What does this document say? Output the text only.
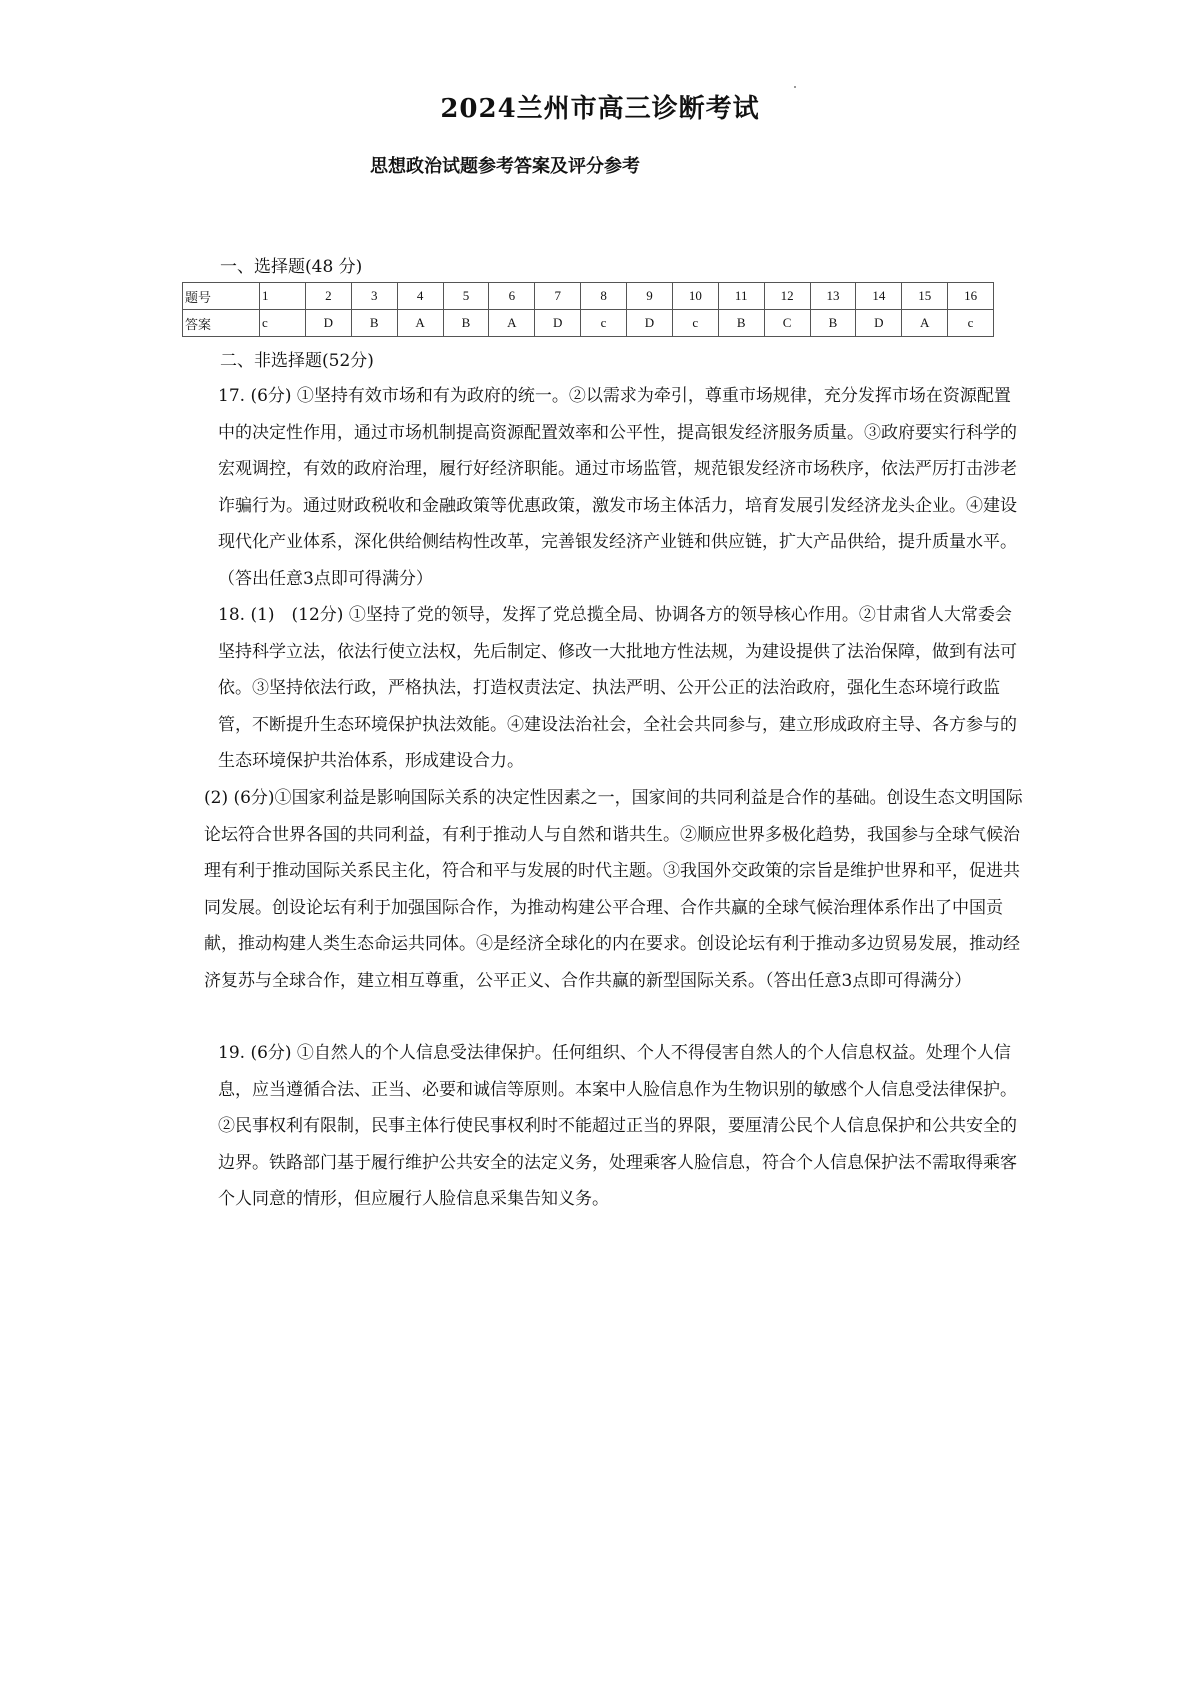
2024兰州市高三诊断考试
思想政治试题参考答案及评分参考
一、选择题(48 分)
题号	1	2	3	4	5	6	7	8	9	10	11	12	13	14	15	16
答案	c	D	B	A	B	A	D	c	D	c	B	C	B	D	A	c
二、非选择题(52分)

17. (6分) ①坚持有效市场和有为政府的统一。②以需求为牵引，尊重市场规律，充分发挥市场在资源配置中的决定性作用，通过市场机制提高资源配置效率和公平性，提高银发经济服务质量。③政府要实行科学的宏观调控，有效的政府治理，履行好经济职能。通过市场监管，规范银发经济市场秩序，依法严厉打击涉老诈骗行为。通过财政税收和金融政策等优惠政策，激发市场主体活力，培育发展引发经济龙头企业。④建设现代化产业体系，深化供给侧结构性改革，完善银发经济产业链和供应链，扩大产品供给，提升质量水平。（答出任意3点即可得满分）

18. (1)　(12分) ①坚持了党的领导，发挥了党总揽全局、协调各方的领导核心作用。②甘肃省人大常委会坚持科学立法，依法行使立法权，先后制定、修改一大批地方性法规，为建设提供了法治保障，做到有法可依。③坚持依法行政，严格执法，打造权责法定、执法严明、公开公正的法治政府，强化生态环境行政监管，不断提升生态环境保护执法效能。④建设法治社会，全社会共同参与，建立形成政府主导、各方参与的生态环境保护共治体系，形成建设合力。

(2) (6分)①国家利益是影响国际关系的决定性因素之一，国家间的共同利益是合作的基础。创设生态文明国际论坛符合世界各国的共同利益，有利于推动人与自然和谐共生。②顺应世界多极化趋势，我国参与全球气候治理有利于推动国际关系民主化，符合和平与发展的时代主题。③我国外交政策的宗旨是维护世界和平，促进共同发展。创设论坛有利于加强国际合作，为推动构建公平合理、合作共赢的全球气候治理体系作出了中国贡献，推动构建人类生态命运共同体。④是经济全球化的内在要求。创设论坛有利于推动多边贸易发展，推动经济复苏与全球合作，建立相互尊重，公平正义、合作共赢的新型国际关系。（答出任意3点即可得满分）

19. (6分) ①自然人的个人信息受法律保护。任何组织、个人不得侵害自然人的个人信息权益。处理个人信息，应当遵循合法、正当、必要和诚信等原则。本案中人脸信息作为生物识别的敏感个人信息受法律保护。②民事权利有限制，民事主体行使民事权利时不能超过正当的界限，要厘清公民个人信息保护和公共安全的边界。铁路部门基于履行维护公共安全的法定义务，处理乘客人脸信息，符合个人信息保护法不需取得乘客个人同意的情形，但应履行人脸信息采集告知义务。
